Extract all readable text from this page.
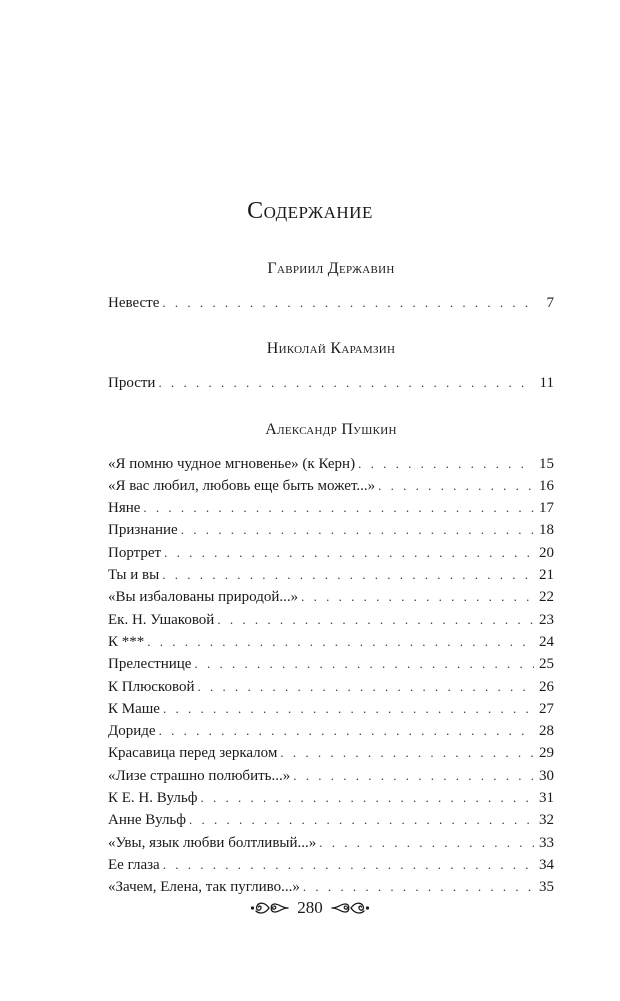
Содержание
Гавриил Державин
Невесте . . .	7
Николай Карамзин
Прости . . .	11
Александр Пушкин
«Я помню чудное мгновенье» (к Керн) . . .	15
«Я вас любил, любовь еще быть может...» . . .	16
Няне . . .	17
Признание . . .	18
Портрет . . .	20
Ты и вы . . .	21
«Вы избалованы природой...» . . .	22
Ек. Н. Ушаковой . . .	23
К *** . . .	24
Прелестнице . . .	25
К Плюсковой . . .	26
К Маше . . .	27
Дориде . . .	28
Красавица перед зеркалом . . .	29
«Лизе страшно полюбить...» . . .	30
К Е. Н. Вульф . . .	31
Анне Вульф . . .	32
«Увы, язык любви болтливый...» . . .	33
Ее глаза . . .	34
«Зачем, Елена, так пугливо...» . . .	35
280
